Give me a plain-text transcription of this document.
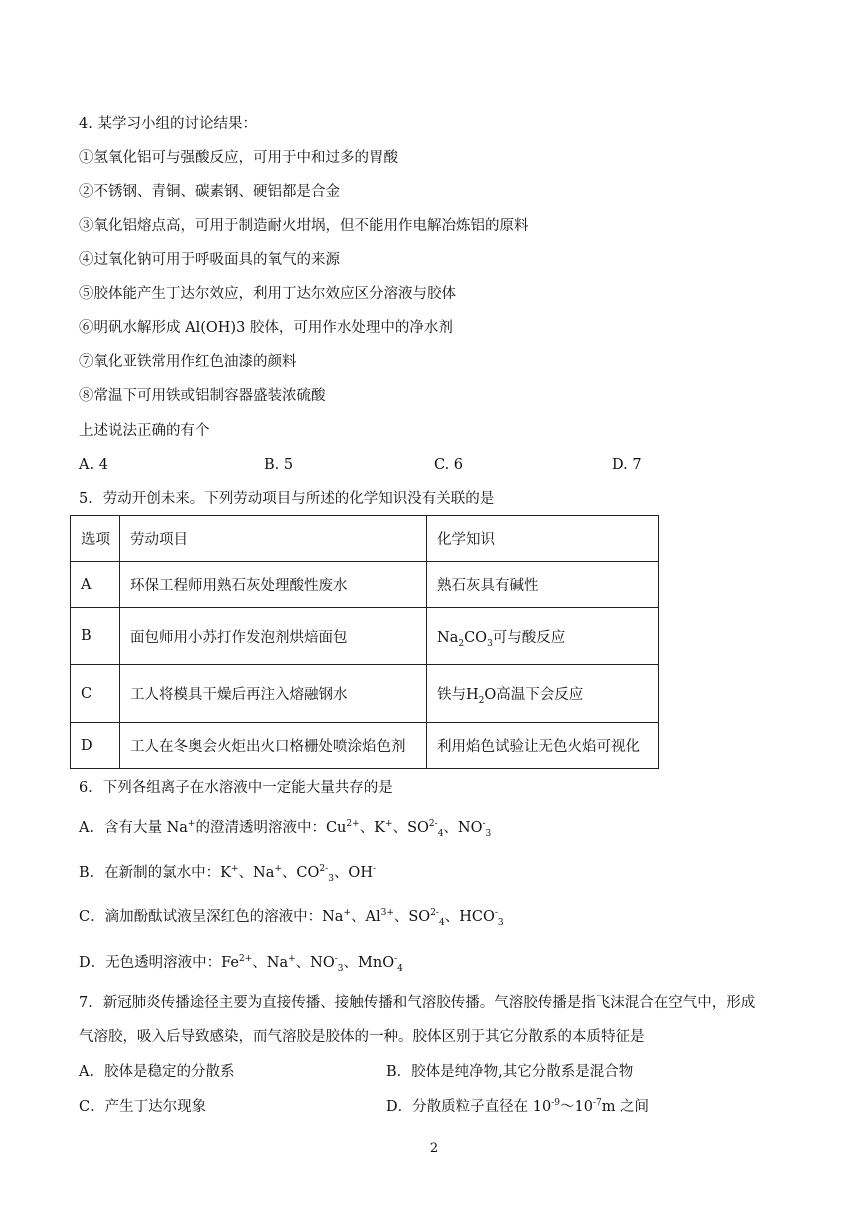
4. 某学习小组的讨论结果：
①氢氧化铝可与强酸反应，可用于中和过多的胃酸
②不锈钢、青铜、碳素钢、硬铝都是合金
③氧化铝熔点高，可用于制造耐火坩埚，但不能用作电解冶炼铝的原料
④过氧化钠可用于呼吸面具的氧气的来源
⑤胶体能产生丁达尔效应，利用丁达尔效应区分溶液与胶体
⑥明矾水解形成 Al(OH)3 胶体，可用作水处理中的净水剂
⑦氧化亚铁常用作红色油漆的颜料
⑧常温下可用铁或铝制容器盛装浓硫酸
上述说法正确的有个
A. 4	B. 5	C. 6	D. 7
5．劳动开创未来。下列劳动项目与所述的化学知识没有关联的是
选项	劳动项目	化学知识
A	环保工程师用熟石灰处理酸性废水	熟石灰具有碱性
B	面包师用小苏打作发泡剂烘焙面包	$Na_2CO_3$可与酸反应
C	工人将模具干燥后再注入熔融钢水	铁与$H_2O$高温下会反应
D	工人在冬奥会火炬出火口格栅处喷涂焰色剂	利用焰色试验让无色火焰可视化
6．下列各组离子在水溶液中一定能大量共存的是
A．含有大量 Na+的澄清透明溶液中：$Cu^{2+}$、K+、$SO^{2-}_4$、$NO^-_3$
B．在新制的氯水中：K+、Na+、$CO^{2-}_3$、OH-
C．滴加酚酞试液呈深红色的溶液中：Na+、$Al^{3+}$、$SO^{2-}_4$、$HCO^-_3$
D．无色透明溶液中：$Fe^{2+}$、Na+、$NO^-_3$、MnO-$_4$
7．新冠肺炎传播途径主要为直接传播、接触传播和气溶胶传播。气溶胶传播是指飞沫混合在空气中，形成
气溶胶，吸入后导致感染，而气溶胶是胶体的一种。胶体区别于其它分散系的本质特征是
A．胶体是稳定的分散系	B．胶体是纯净物,其它分散系是混合物
C．产生丁达尔现象	D．分散质粒子直径在 $10^{-9}\sim 10^{-7}m$ 之间
2
